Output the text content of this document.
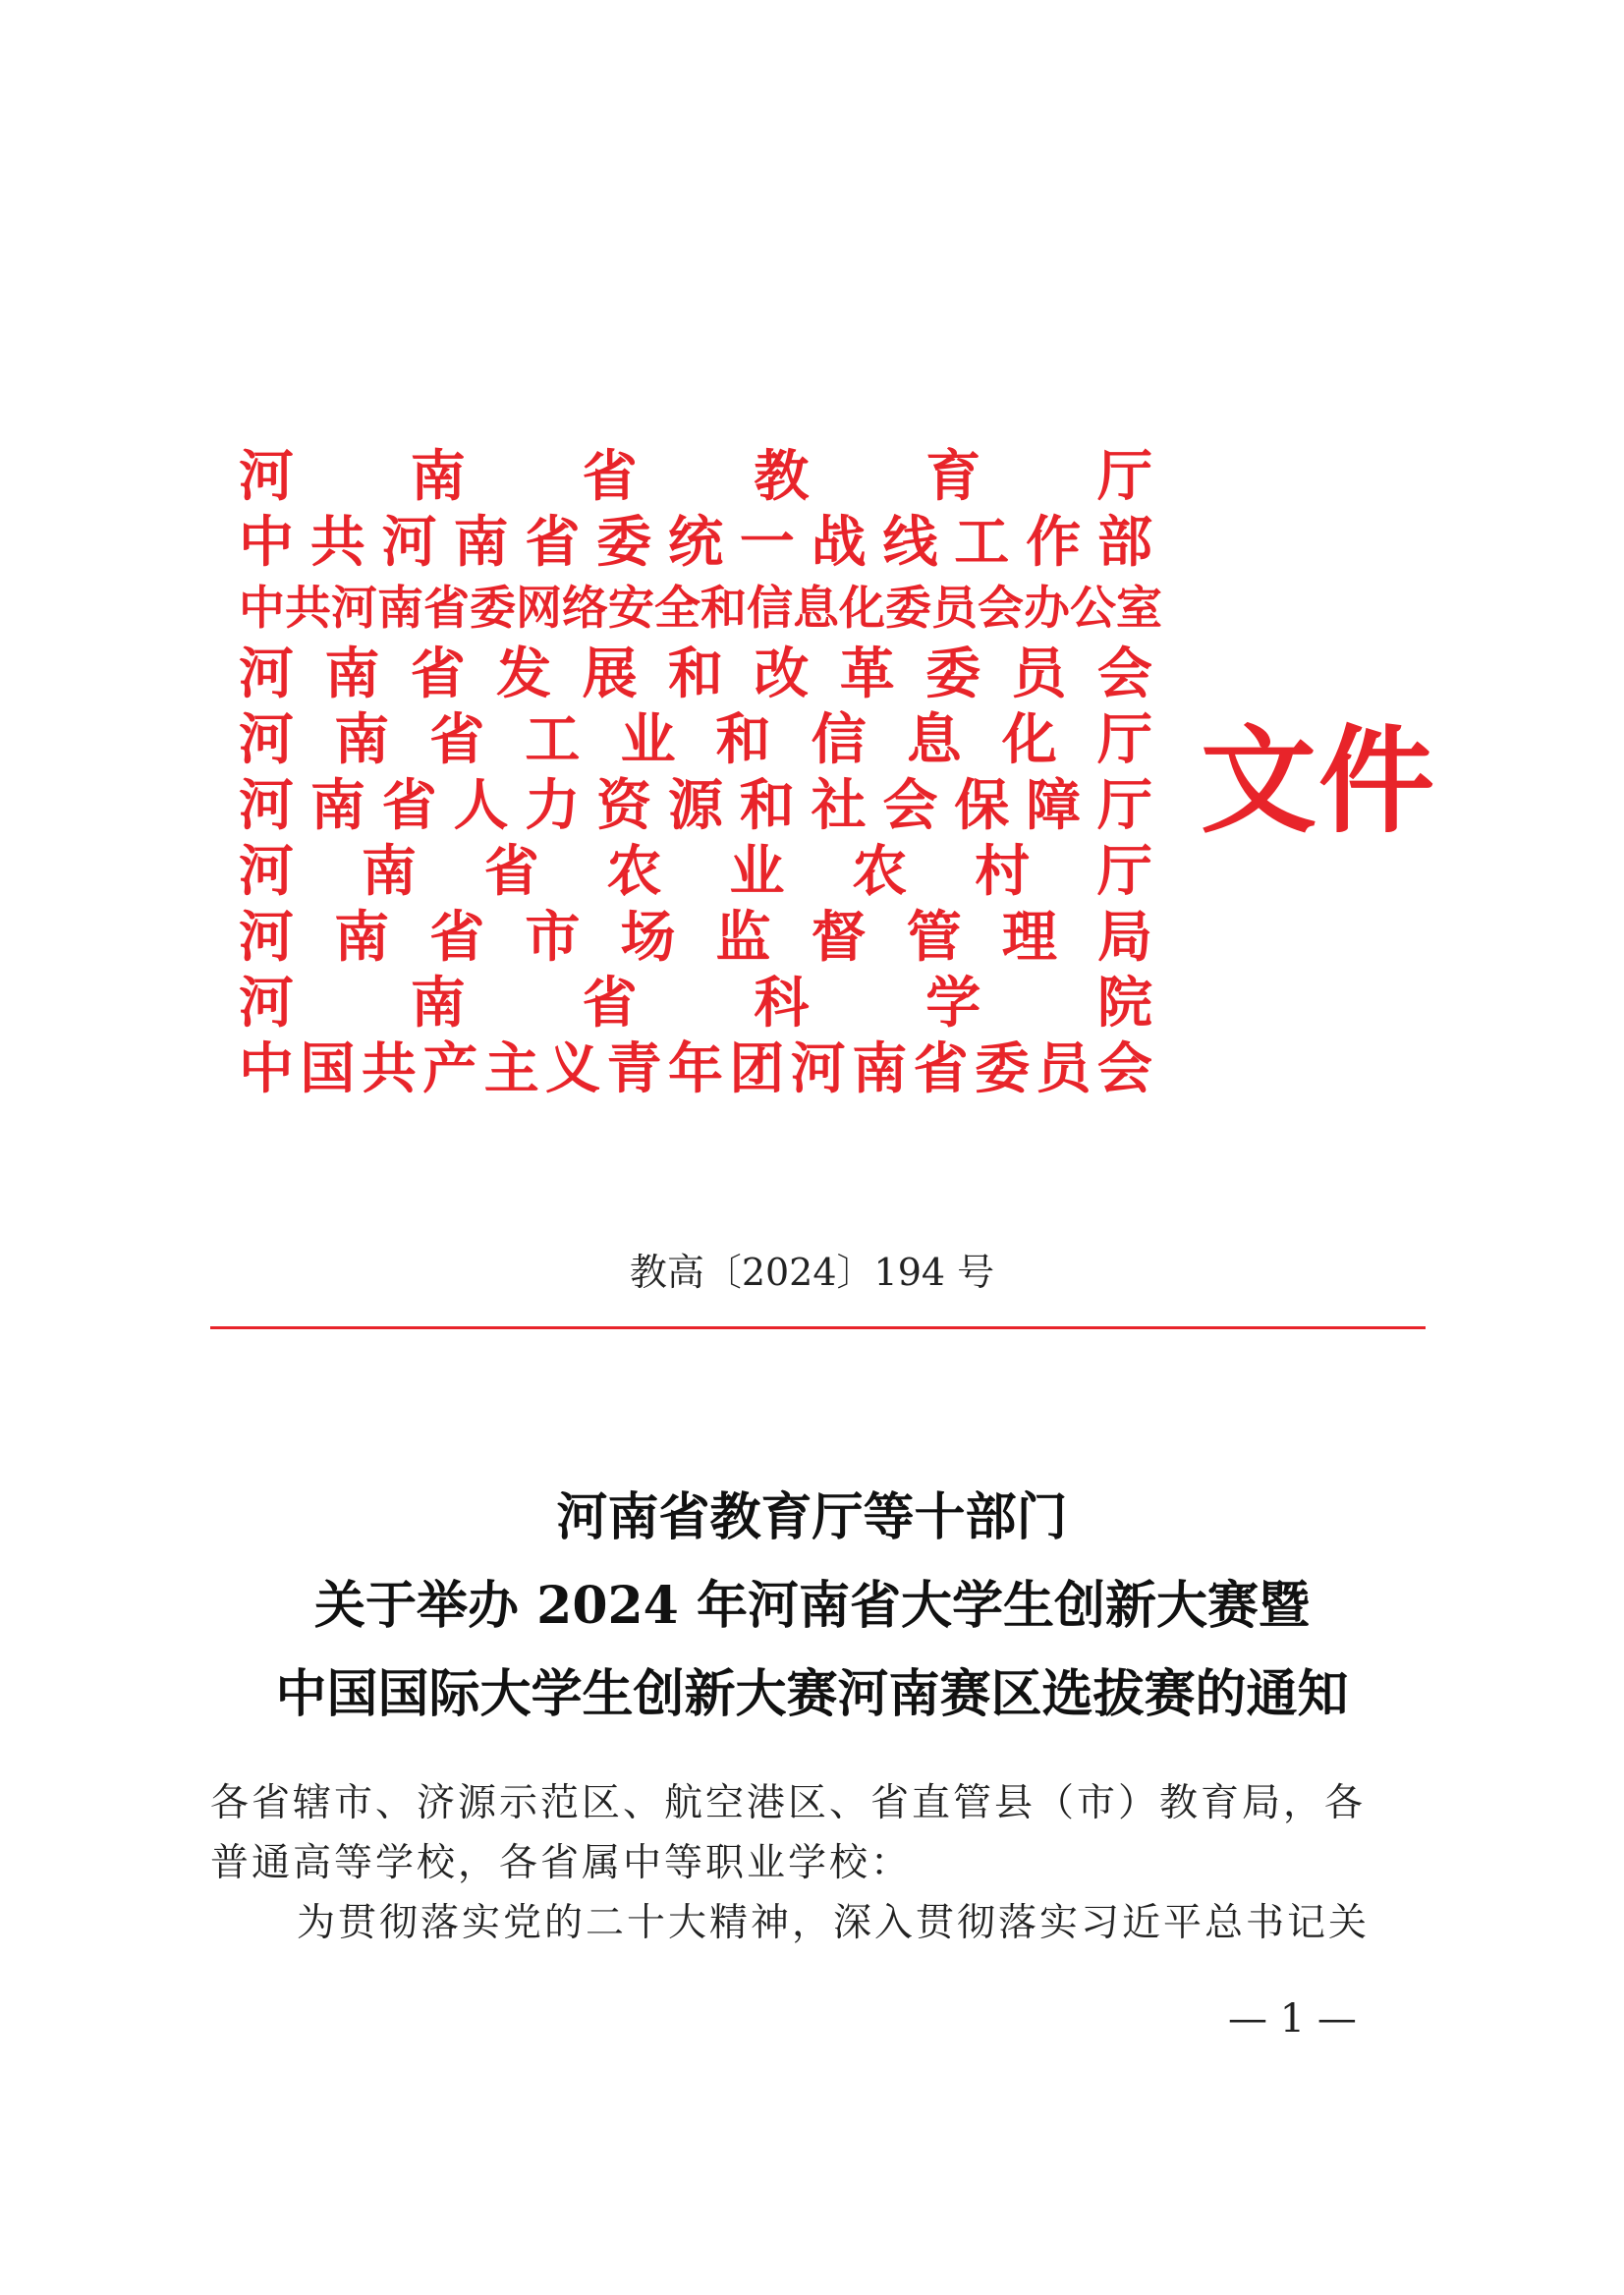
河 南 省 教 育 厅
中 共 河 南 省 委 统 一 战 线 工 作 部
中 共 河 南 省 委 网 络 安 全 和 信 息 化 委 员 会 办 公 室
河 南 省 发 展 和 改 革 委 员 会
河 南 省 工 业 和 信 息 化 厅
河 南 省 人 力 资 源 和 社 会 保 障 厅
河 南 省 农 业 农 村 厅
河 南 省 市 场 监 督 管 理 局
河 南 省 科 学 院
中 国 共 产 主 义 青 年 团 河 南 省 委 员 会
文件
教高〔2024〕194 号
河南省教育厅等十部门
关于举办 2024 年河南省大学生创新大赛暨
中国国际大学生创新大赛河南赛区选拔赛的通知

各省辖市、济源示范区、航空港区、省直管县（市）教育局，各

普通高等学校，各省属中等职业学校：

为贯彻落实党的二十大精神，深入贯彻落实习近平总书记关

— 1 —
